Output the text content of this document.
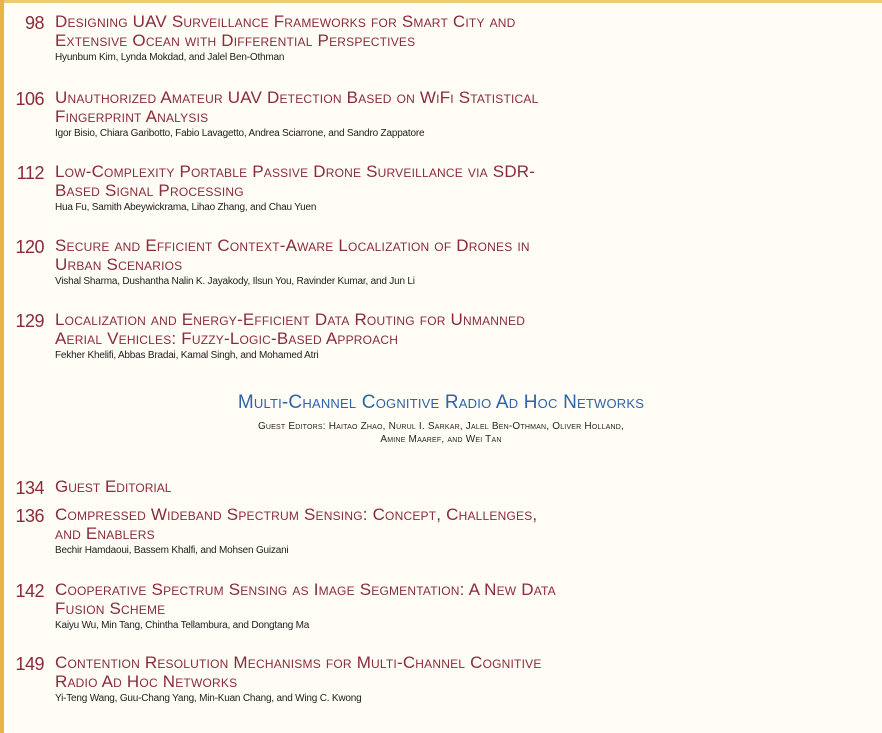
98 Designing UAV Surveillance Frameworks for Smart City and
Extensive Ocean with Differential Perspectives
Hyunbum Kim, Lynda Mokdad, and Jalel Ben-Othman
106 Unauthorized Amateur UAV Detection Based on WiFi Statistical
Fingerprint Analysis
Igor Bisio, Chiara Garibotto, Fabio Lavagetto, Andrea Sciarrone, and Sandro Zappatore
112 Low-Complexity Portable Passive Drone Surveillance via SDR-
Based Signal Processing
Hua Fu, Samith Abeywickrama, Lihao Zhang, and Chau Yuen
120 Secure and Efficient Context-Aware Localization of Drones in
Urban Scenarios
Vishal Sharma, Dushantha Nalin K. Jayakody, Ilsun You, Ravinder Kumar, and Jun Li
129 Localization and Energy-Efficient Data Routing for Unmanned
Aerial Vehicles: Fuzzy-Logic-Based Approach
Fekher Khelifi, Abbas Bradai, Kamal Singh, and Mohamed Atri
Multi-Channel Cognitive Radio Ad Hoc Networks
Guest Editors: Haitao Zhao, Nurul I. Sarkar, Jalel Ben-Othman, Oliver Holland,
Amine Maaref, and Wei Tan
134 Guest Editorial
136 Compressed Wideband Spectrum Sensing: Concept, Challenges,
and Enablers
Bechir Hamdaoui, Bassem Khalfi, and Mohsen Guizani
142 Cooperative Spectrum Sensing as Image Segmentation: A New Data
Fusion Scheme
Kaiyu Wu, Min Tang, Chintha Tellambura, and Dongtang Ma
149 Contention Resolution Mechanisms for Multi-Channel Cognitive
Radio Ad Hoc Networks
Yi-Teng Wang, Guu-Chang Yang, Min-Kuan Chang, and Wing C. Kwong
